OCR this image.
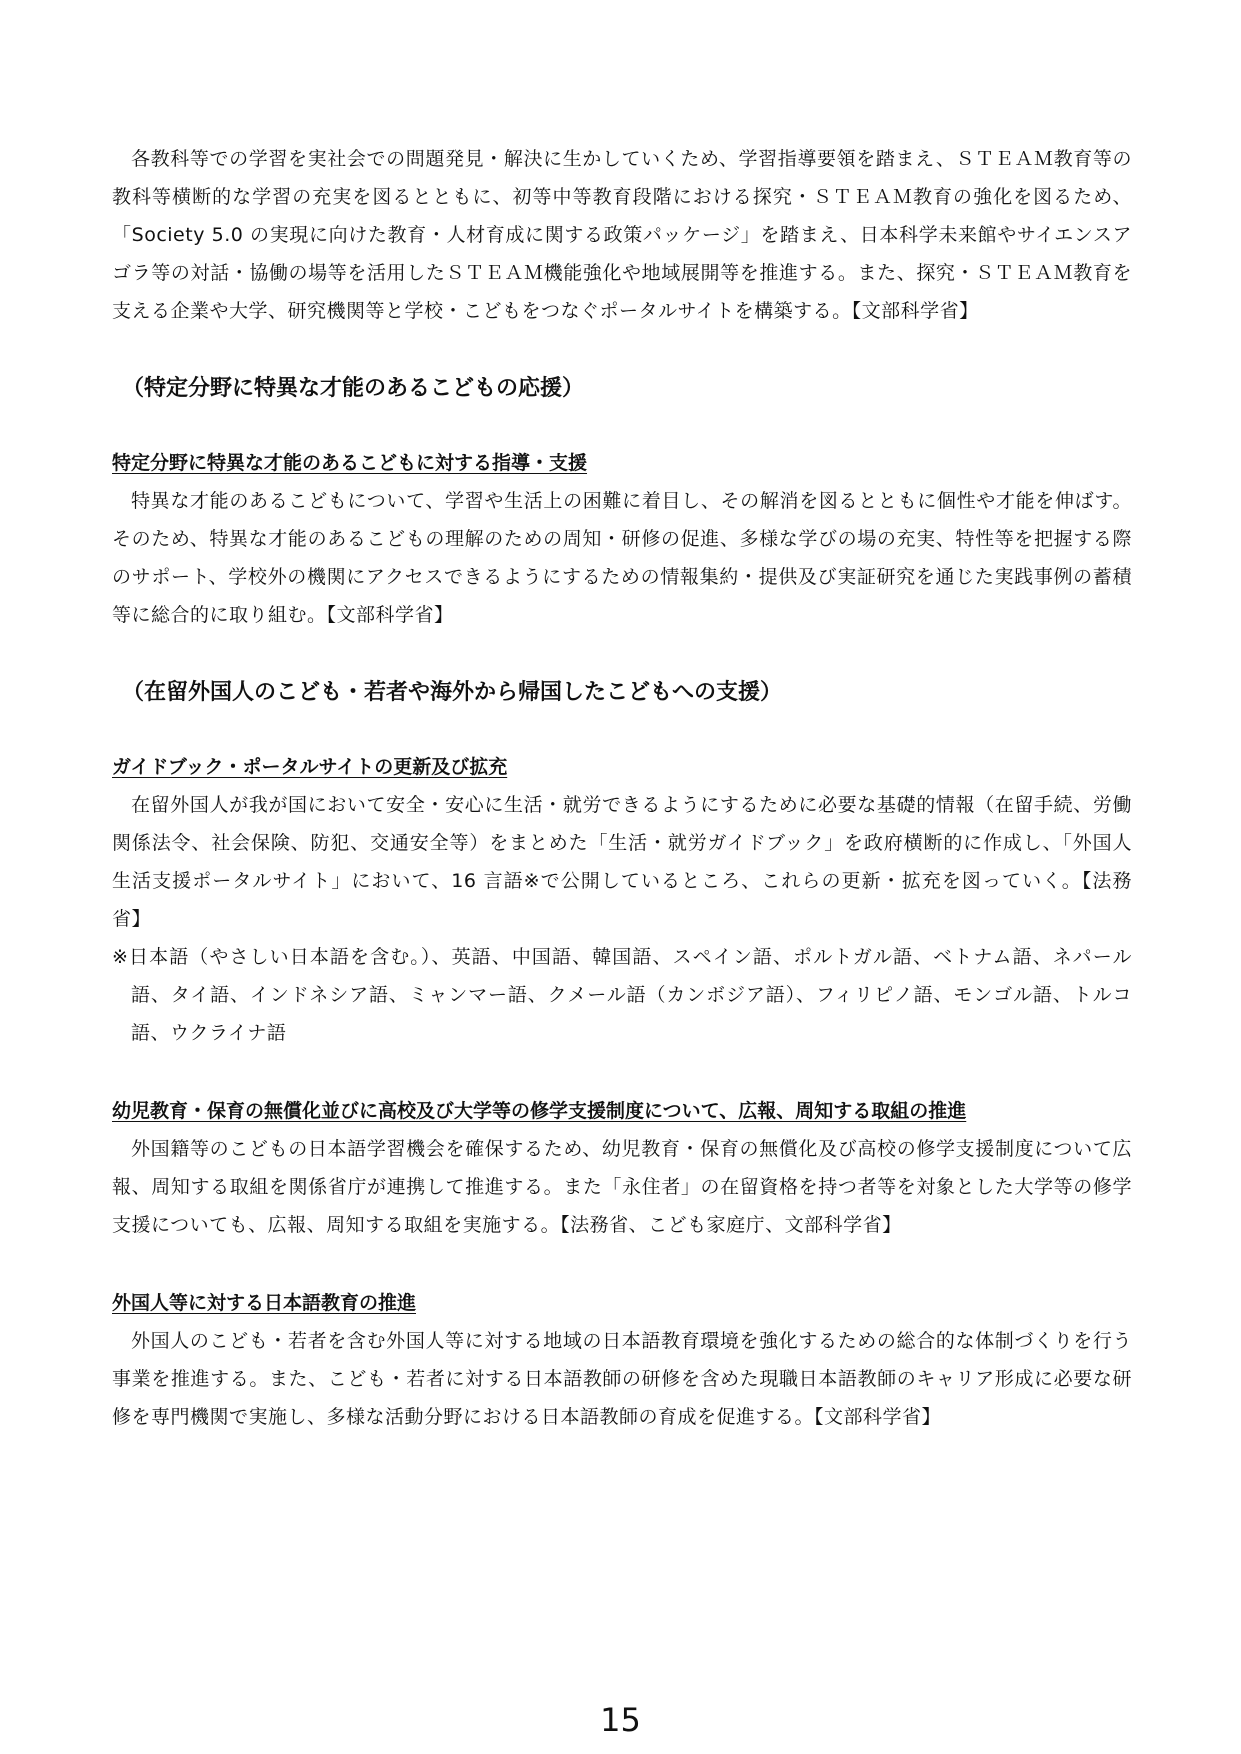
各教科等での学習を実社会での問題発見・解決に生かしていくため、学習指導要領を踏まえ、ＳＴＥＡＭ教育等の教科等横断的な学習の充実を図るとともに、初等中等教育段階における探究・ＳＴＥＡＭ教育の強化を図るため、「Society 5.0 の実現に向けた教育・人材育成に関する政策パッケージ」を踏まえ、日本科学未来館やサイエンスアゴラ等の対話・協働の場等を活用したＳＴＥＡＭ機能強化や地域展開等を推進する。また、探究・ＳＴＥＡＭ教育を支える企業や大学、研究機関等と学校・こどもをつなぐポータルサイトを構築する。【文部科学省】

（特定分野に特異な才能のあるこどもの応援）
特定分野に特異な才能のあるこどもに対する指導・支援

特異な才能のあるこどもについて、学習や生活上の困難に着目し、その解消を図るとともに個性や才能を伸ばす。そのため、特異な才能のあるこどもの理解のための周知・研修の促進、多様な学びの場の充実、特性等を把握する際のサポート、学校外の機関にアクセスできるようにするための情報集約・提供及び実証研究を通じた実践事例の蓄積等に総合的に取り組む。【文部科学省】

（在留外国人のこども・若者や海外から帰国したこどもへの支援）
ガイドブック・ポータルサイトの更新及び拡充

在留外国人が我が国において安全・安心に生活・就労できるようにするために必要な基礎的情報（在留手続、労働関係法令、社会保険、防犯、交通安全等）をまとめた「生活・就労ガイドブック」を政府横断的に作成し、「外国人生活支援ポータルサイト」において、16 言語※で公開しているところ、これらの更新・拡充を図っていく。【法務省】

※日本語（やさしい日本語を含む。）、英語、中国語、韓国語、スペイン語、ポルトガル語、ベトナム語、ネパール語、タイ語、インドネシア語、ミャンマー語、クメール語（カンボジア語）、フィリピノ語、モンゴル語、トルコ語、ウクライナ語

幼児教育・保育の無償化並びに高校及び大学等の修学支援制度について、広報、周知する取組の推進

外国籍等のこどもの日本語学習機会を確保するため、幼児教育・保育の無償化及び高校の修学支援制度について広報、周知する取組を関係省庁が連携して推進する。また「永住者」の在留資格を持つ者等を対象とした大学等の修学支援についても、広報、周知する取組を実施する。【法務省、こども家庭庁、文部科学省】

外国人等に対する日本語教育の推進

外国人のこども・若者を含む外国人等に対する地域の日本語教育環境を強化するための総合的な体制づくりを行う事業を推進する。また、こども・若者に対する日本語教師の研修を含めた現職日本語教師のキャリア形成に必要な研修を専門機関で実施し、多様な活動分野における日本語教師の育成を促進する。【文部科学省】

15
